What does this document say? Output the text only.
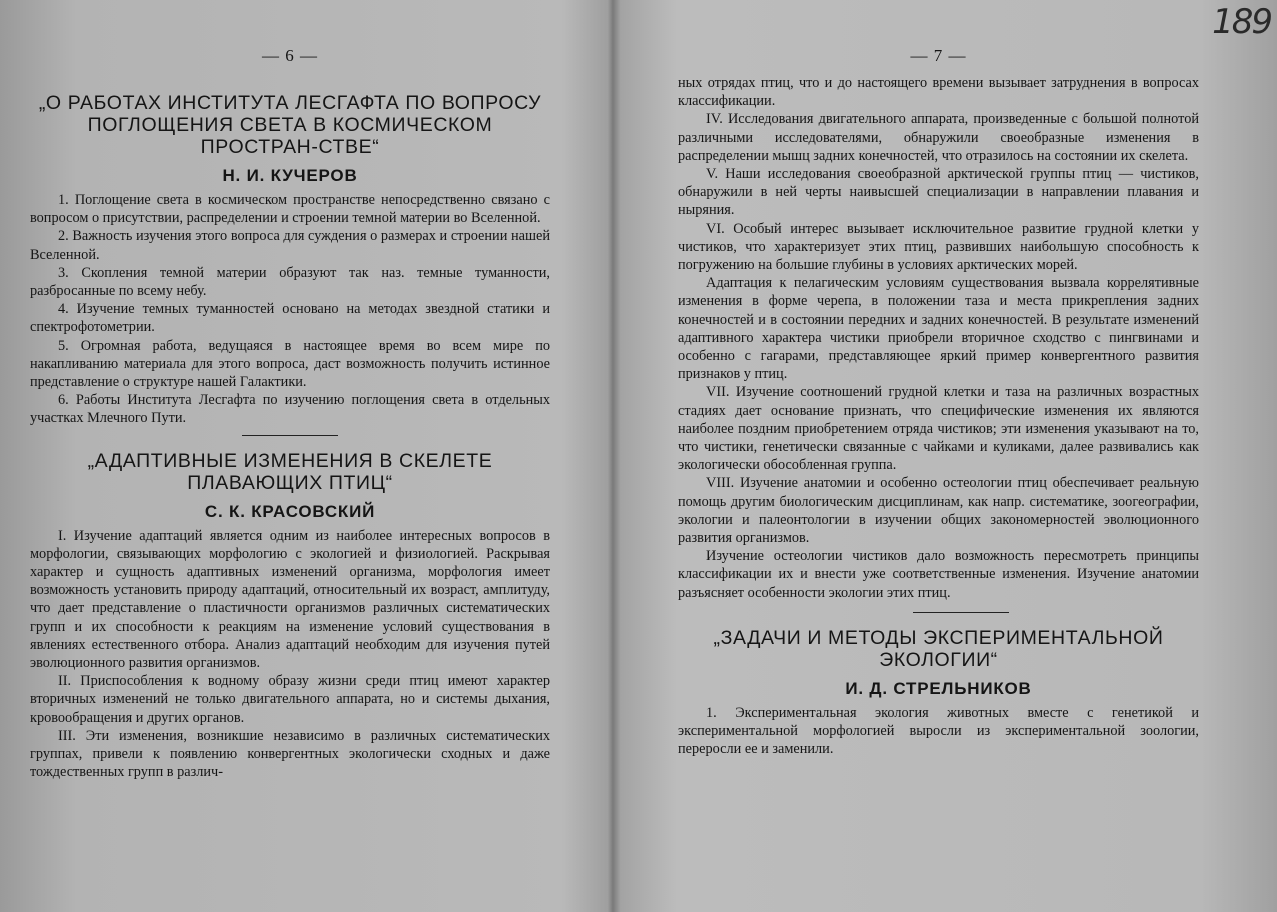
— 6 —
„О РАБОТАХ ИНСТИТУТА ЛЕСГАФТА ПО ВОПРОСУ ПОГЛОЩЕНИЯ СВЕТА В КОСМИЧЕСКОМ ПРОСТРАН-СТВЕ“
Н. И. КУЧЕРОВ

1. Поглощение света в космическом пространстве непосредственно связано с вопросом о присутствии, распределении и строении темной материи во Вселенной.

2. Важность изучения этого вопроса для суждения о размерах и строении нашей Вселенной.

3. Скопления темной материи образуют так наз. темные туманности, разбросанные по всему небу.

4. Изучение темных туманностей основано на методах звездной статики и спектрофотометрии.

5. Огромная работа, ведущаяся в настоящее время во всем мире по накапливанию материала для этого вопроса, даст возможность получить истинное представление о структуре нашей Галактики.

6. Работы Института Лесгафта по изучению поглощения света в отдельных участках Млечного Пути.

„АДАПТИВНЫЕ ИЗМЕНЕНИЯ В СКЕЛЕТЕ ПЛАВАЮЩИХ ПТИЦ“
С. К. КРАСОВСКИЙ

I. Изучение адаптаций является одним из наиболее интересных вопросов в морфологии, связывающих морфологию с экологией и физиологией. Раскрывая характер и сущность адаптивных изменений организма, морфология имеет возможность установить природу адаптаций, относительный их возраст, амплитуду, что дает представление о пластичности организмов различных систематических групп и их способности к реакциям на изменение условий существования в явлениях естественного отбора. Анализ адаптаций необходим для изучения путей эволюционного развития организмов.

II. Приспособления к водному образу жизни среди птиц имеют характер вторичных изменений не только двигательного аппарата, но и системы дыхания, кровообращения и других органов.

III. Эти изменения, возникшие независимо в различных систематических группах, привели к появлению конвергентных экологически сходных и даже тождественных групп в различ-

— 7 —

ных отрядах птиц, что и до настоящего времени вызывает затруднения в вопросах классификации.

IV. Исследования двигательного аппарата, произведенные с большой полнотой различными исследователями, обнаружили своеобразные изменения в распределении мышц задних конечностей, что отразилось на состоянии их скелета.

V. Наши исследования своеобразной арктической группы птиц — чистиков, обнаружили в ней черты наивысшей специализации в направлении плавания и ныряния.

VI. Особый интерес вызывает исключительное развитие грудной клетки у чистиков, что характеризует этих птиц, развивших наибольшую способность к погружению на большие глубины в условиях арктических морей.

Адаптация к пелагическим условиям существования вызвала коррелятивные изменения в форме черепа, в положении таза и места прикрепления задних конечностей и в состоянии передних и задних конечностей. В результате изменений адаптивного характера чистики приобрели вторичное сходство с пингвинами и особенно с гагарами, представляющее яркий пример конвергентного развития признаков у птиц.

VII. Изучение соотношений грудной клетки и таза на различных возрастных стадиях дает основание признать, что специфические изменения их являются наиболее поздним приобретением отряда чистиков; эти изменения указывают на то, что чистики, генетически связанные с чайками и куликами, далее развивались как экологически обособленная группа.

VIII. Изучение анатомии и особенно остеологии птиц обеспечивает реальную помощь другим биологическим дисциплинам, как напр. систематике, зоогеографии, экологии и палеонтологии в изучении общих закономерностей эволюционного развития организмов.

Изучение остеологии чистиков дало возможность пересмотреть принципы классификации их и внести уже соответственные изменения. Изучение анатомии разъясняет особенности экологии этих птиц.

„ЗАДАЧИ И МЕТОДЫ ЭКСПЕРИМЕНТАЛЬНОЙ ЭКОЛОГИИ“
И. Д. СТРЕЛЬНИКОВ

1. Экспериментальная экология животных вместе с генетикой и экспериментальной морфологией выросли из экспериментальной зоологии, переросли ее и заменили.

189
